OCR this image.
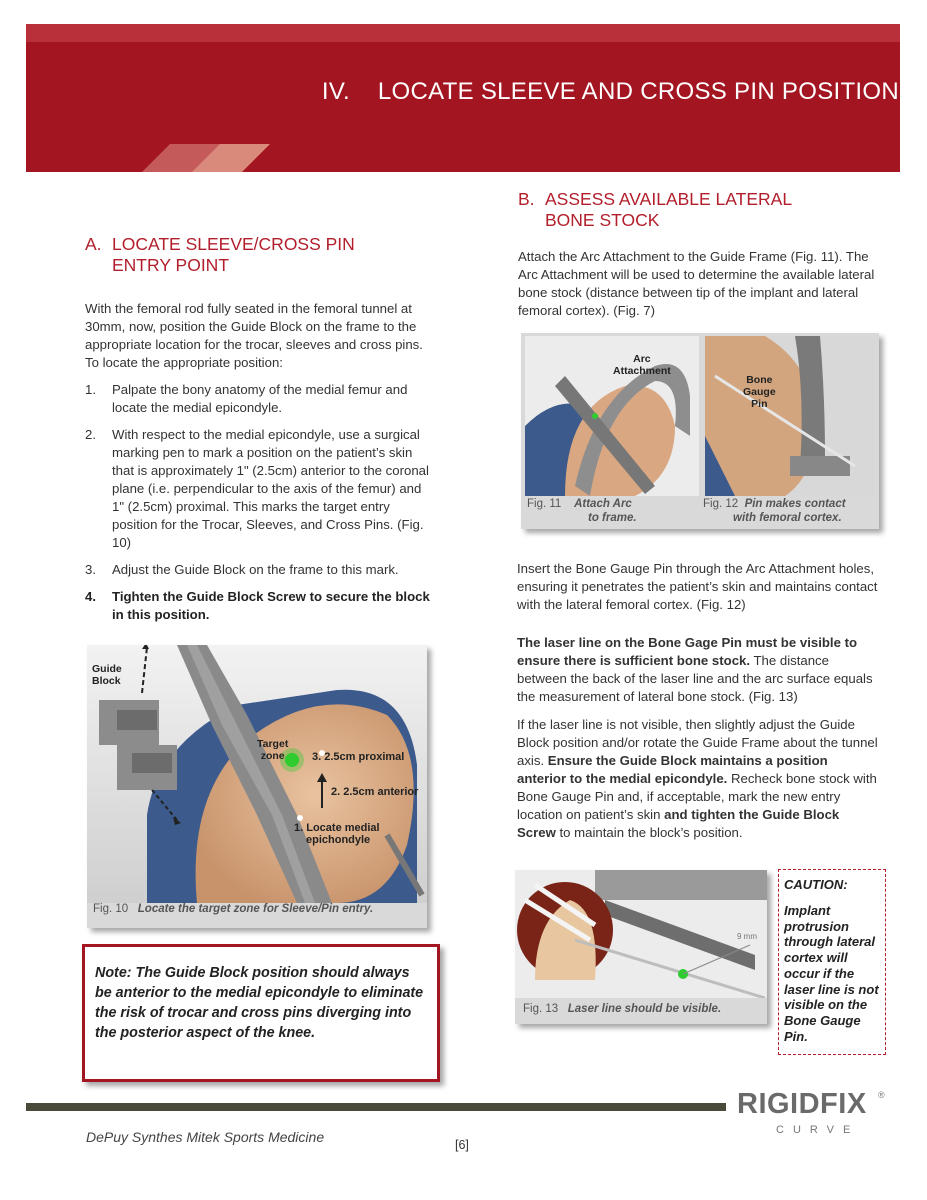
IV. LOCATE SLEEVE AND CROSS PIN POSITION
A. LOCATE SLEEVE/CROSS PIN
ENTRY POINT

With the femoral rod fully seated in the femoral tunnel at 30mm, now, position the Guide Block on the frame to the appropriate location for the trocar, sleeves and cross pins. To locate the appropriate position:

1. Palpate the bony anatomy of the medial femur and locate the medial epicondyle.
2. With respect to the medial epicondyle, use a surgical marking pen to mark a position on the patient’s skin that is approximately 1" (2.5cm) anterior to the coronal plane (i.e. perpendicular to the axis of the femur) and 1" (2.5cm) proximal. This marks the target entry position for the Trocar, Sleeves, and Cross Pins. (Fig. 10)
3. Adjust the Guide Block on the frame to this mark.
4. Tighten the Guide Block Screw to secure the block in this position.
Guide
Block
Target
zone	3. 2.5cm proximal
2. 2.5cm anterior
1. Locate medial
epichondyle
Fig. 10 Locate the target zone for Sleeve/Pin entry.
Note: The Guide Block position should always be anterior to the medial epicondyle to eliminate the risk of trocar and cross pins diverging into the posterior aspect of the knee.
B. ASSESS AVAILABLE LATERAL
BONE STOCK

Attach the Arc Attachment to the Guide Frame (Fig. 11). The Arc Attachment will be used to determine the available lateral bone stock (distance between tip of the implant and lateral femoral cortex). (Fig. 7)

Arc
Attachment
Bone
Gauge
Pin
Fig. 11 Attach Arc
to frame.
Fig. 12 Pin makes contact
with femoral cortex.

Insert the Bone Gauge Pin through the Arc Attachment holes, ensuring it penetrates the patient’s skin and maintains contact with the lateral femoral cortex. (Fig. 12)

The laser line on the Bone Gage Pin must be visible to ensure there is sufficient bone stock. The distance between the back of the laser line and the arc surface equals the measurement of lateral bone stock. (Fig. 13)

If the laser line is not visible, then slightly adjust the Guide Block position and/or rotate the Guide Frame about the tunnel axis. Ensure the Guide Block maintains a position anterior to the medial epicondyle. Recheck bone stock with Bone Gauge Pin and, if acceptable, mark the new entry location on patient’s skin and tighten the Guide Block Screw to maintain the block’s position.

9 mm
Fig. 13 Laser line should be visible.
CAUTION:
Implant protrusion through lateral cortex will occur if the laser line is not visible on the Bone Gauge Pin.
DePuy Synthes Mitek Sports Medicine	[6]
RIGIDFIX ®
CURVE
